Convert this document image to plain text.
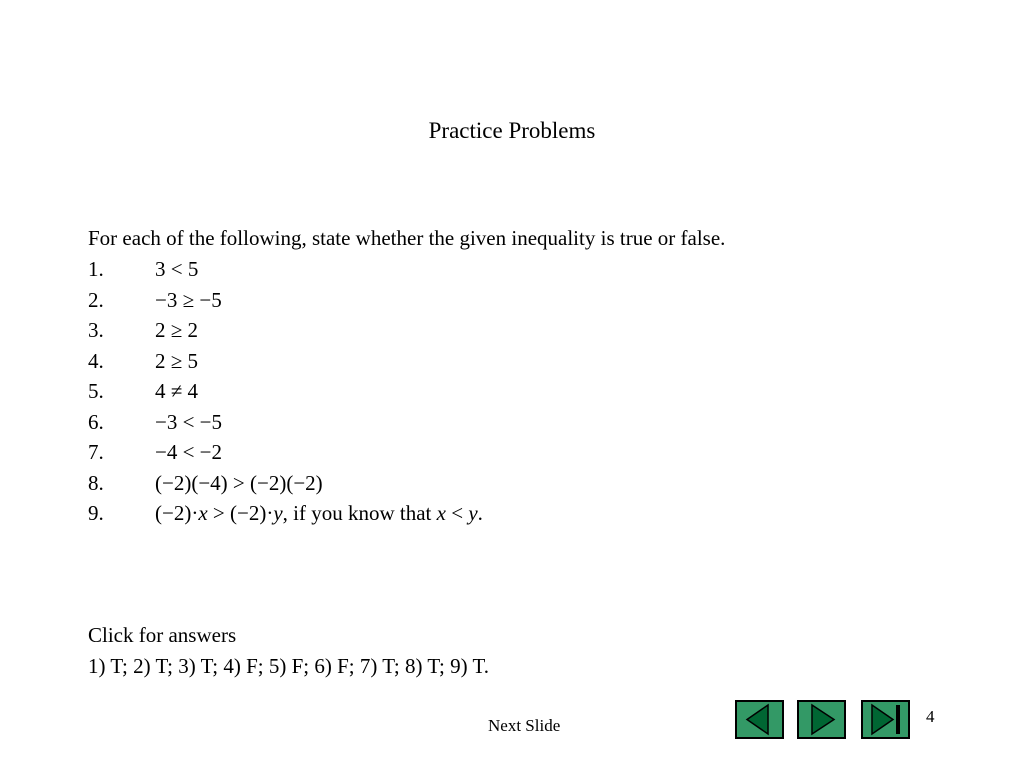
Practice Problems
For each of the following, state whether the given inequality is true or false.
1. 3 < 5
2. −3 ≥ −5
3. 2 ≥ 2
4. 2 ≥ 5
5. 4 ≠ 4
6. −3 < −5
7. −4 < −2
8. (−2)(−4) > (−2)(−2)
9. (−2)·x > (−2)·y, if you know that x < y.
Click for answers
1) T; 2) T; 3) T; 4) F; 5) F; 6) F; 7) T; 8) T; 9) T.
Next Slide	4
